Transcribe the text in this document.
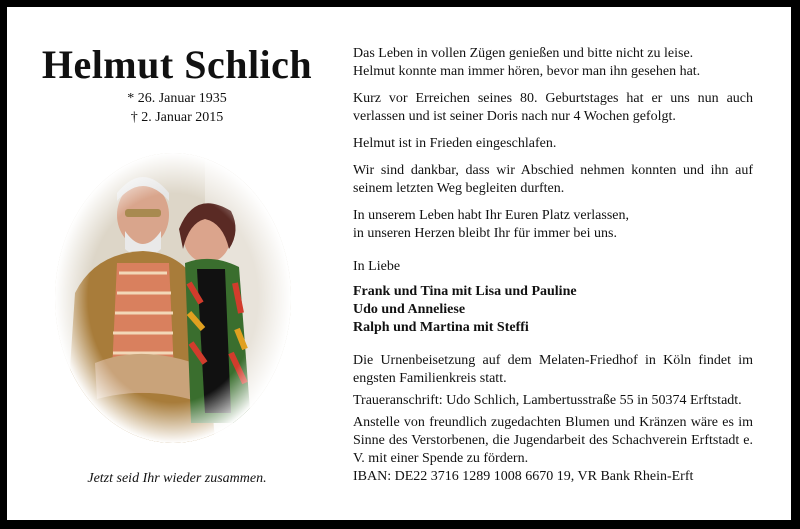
Helmut Schlich
* 26. Januar 1935
† 2. Januar 2015
Jetzt seid Ihr wieder zusammen.

Das Leben in vollen Zügen genießen und bitte nicht zu leise.
Helmut konnte man immer hören, bevor man ihn gesehen hat.

Kurz vor Erreichen seines 80. Geburtstages hat er uns nun auch verlassen und ist seiner Doris nach nur 4 Wochen gefolgt.

Helmut ist in Frieden eingeschlafen.

Wir sind dankbar, dass wir Abschied nehmen konnten und ihn auf seinem letzten Weg begleiten durften.

In unserem Leben habt Ihr Euren Platz verlassen,
in unseren Herzen bleibt Ihr für immer bei uns.

In Liebe

Frank und Tina mit Lisa und Pauline
Udo und Anneliese
Ralph und Martina mit Steffi

Die Urnenbeisetzung auf dem Melaten-Friedhof in Köln findet im engsten Familienkreis statt.

Traueranschrift: Udo Schlich, Lambertusstraße 55 in 50374 Erftstadt.

Anstelle von freundlich zugedachten Blumen und Kränzen wäre es im Sinne des Verstorbenen, die Jugendarbeit des Schachverein Erftstadt e. V. mit einer Spende zu fördern.

IBAN: DE22 3716 1289 1008 6670 19, VR Bank Rhein-Erft
